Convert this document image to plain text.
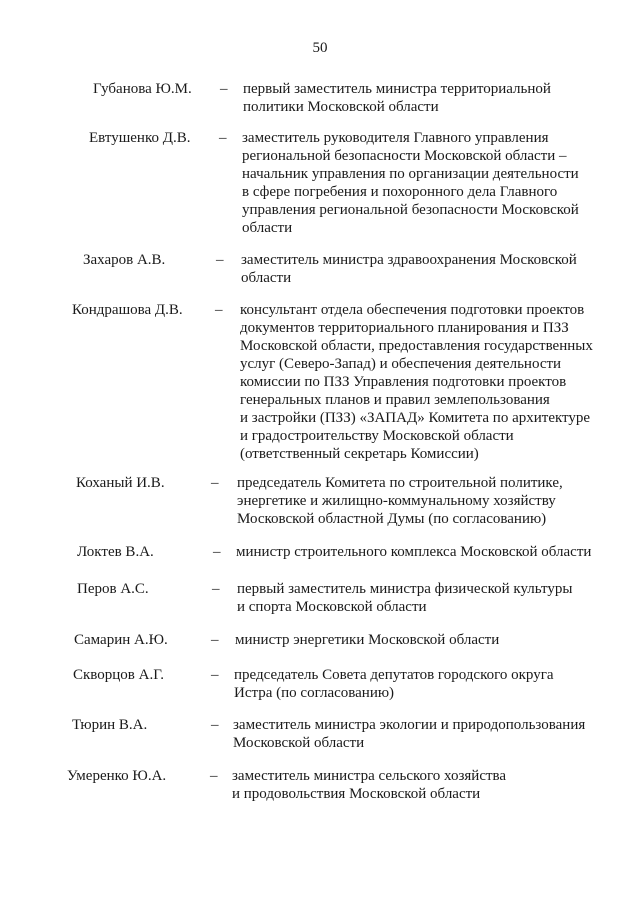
50
Губанова Ю.М. – первый заместитель министра территориальной
политики Московской области
Евтушенко Д.В. – заместитель руководителя Главного управления
региональной безопасности Московской области –
начальник управления по организации деятельности
в сфере погребения и похоронного дела Главного
управления региональной безопасности Московской
области
Захаров А.В.	– заместитель министра здравоохранения Московской
области
Кондрашова Д.В. – консультант отдела обеспечения подготовки проектов
документов территориального планирования и ПЗЗ
Московской области, предоставления государственных
услуг (Северо-Запад) и обеспечения деятельности
комиссии по ПЗЗ Управления подготовки проектов
генеральных планов и правил землепользования
и застройки (ПЗЗ) «ЗАПАД» Комитета по архитектуре
и градостроительству Московской области
(ответственный секретарь Комиссии)
Коханый И.В.	– председатель Комитета по строительной политике,
энергетике и жилищно-коммунальному хозяйству
Московской областной Думы (по согласованию)
Локтев В.А.	– министр строительного комплекса Московской области
Перов А.С.	– первый заместитель министра физической культуры
и спорта Московской области
Самарин А.Ю.	– министр энергетики Московской области
Скворцов А.Г.	– председатель Совета депутатов городского округа
Истра (по согласованию)
Тюрин В.А.	– заместитель министра экологии и природопользования
Московской области
Умеренко Ю.А.	– заместитель министра сельского хозяйства
и продовольствия Московской области
